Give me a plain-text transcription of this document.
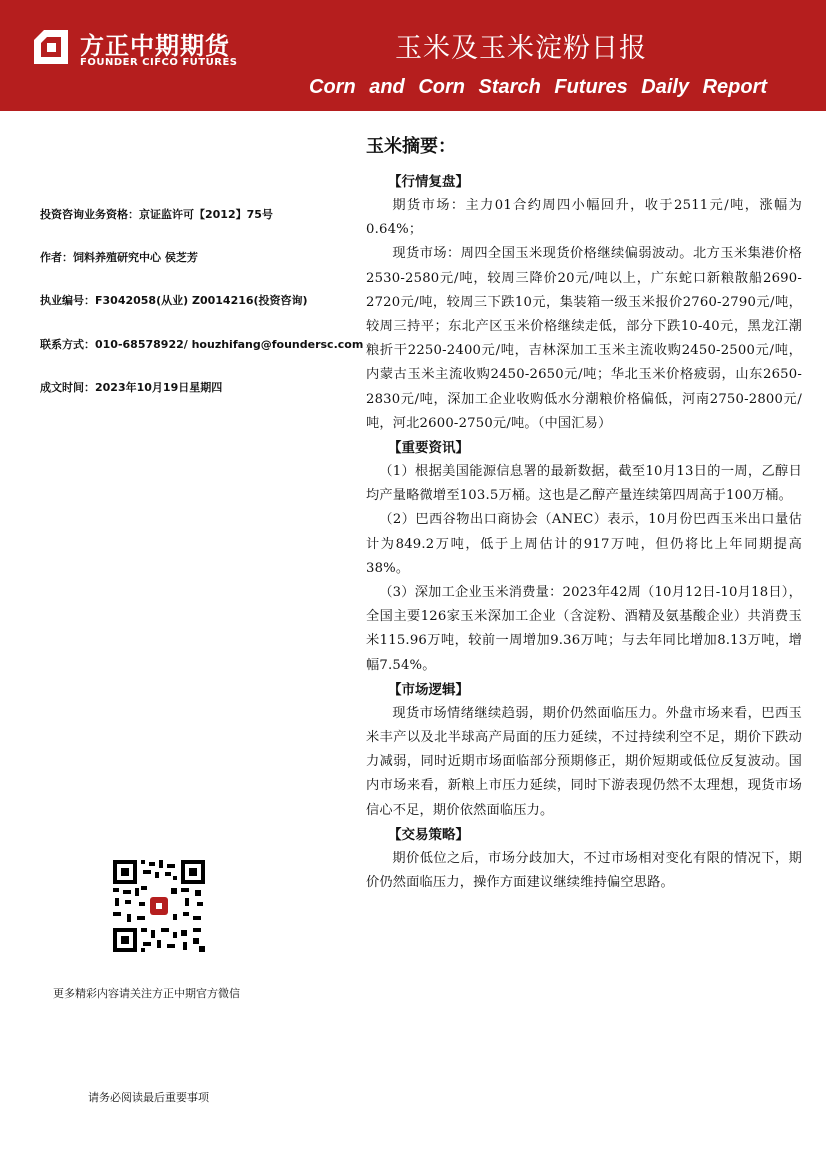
方正中期期货
FOUNDER CIFCO FUTURES	玉米及玉米淀粉日报
Corn and Corn Starch Futures Daily Report
投资咨询业务资格：京证监许可【2012】75号
作者：饲料养殖研究中心 侯芝芳
执业编号：F3042058(从业) Z0014216(投资咨询)
联系方式：010-68578922/ houzhifang@foundersc.com
成文时间：2023年10月19日星期四
更多精彩内容请关注方正中期官方微信
请务必阅读最后重要事项
玉米摘要：
【行情复盘】

期货市场：主力01合约周四小幅回升，收于2511元/吨，涨幅为0.64%；

现货市场：周四全国玉米现货价格继续偏弱波动。北方玉米集港价格2530-2580元/吨，较周三降价20元/吨以上，广东蛇口新粮散船2690-2720元/吨，较周三下跌10元，集装箱一级玉米报价2760-2790元/吨，较周三持平；东北产区玉米价格继续走低，部分下跌10-40元，黑龙江潮粮折干2250-2400元/吨，吉林深加工玉米主流收购2450-2500元/吨，内蒙古玉米主流收购2450-2650元/吨；华北玉米价格疲弱，山东2650-2830元/吨，深加工企业收购低水分潮粮价格偏低，河南2750-2800元/吨，河北2600-2750元/吨。（中国汇易）

【重要资讯】

（1）根据美国能源信息署的最新数据，截至10月13日的一周，乙醇日均产量略微增至103.5万桶。这也是乙醇产量连续第四周高于100万桶。

（2）巴西谷物出口商协会（ANEC）表示，10月份巴西玉米出口量估计为849.2万吨，低于上周估计的917万吨，但仍将比上年同期提高38%。

（3）深加工企业玉米消费量：2023年42周（10月12日-10月18日），全国主要126家玉米深加工企业（含淀粉、酒精及氨基酸企业）共消费玉米115.96万吨，较前一周增加9.36万吨；与去年同比增加8.13万吨，增幅7.54%。

【市场逻辑】

现货市场情绪继续趋弱，期价仍然面临压力。外盘市场来看，巴西玉米丰产以及北半球高产局面的压力延续，不过持续利空不足，期价下跌动力减弱，同时近期市场面临部分预期修正，期价短期或低位反复波动。国内市场来看，新粮上市压力延续，同时下游表现仍然不太理想，现货市场信心不足，期价依然面临压力。

【交易策略】

期价低位之后，市场分歧加大，不过市场相对变化有限的情况下，期价仍然面临压力，操作方面建议继续维持偏空思路。
